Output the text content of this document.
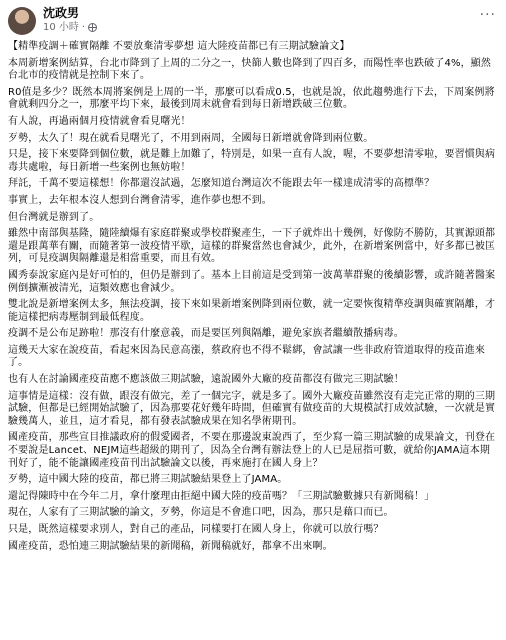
沈政男
10 小時 ·
···

【精準疫調＋確實隔離 不要放棄清零夢想 這大陸疫苗都已有三期試驗論文】

本周新增案例結算，台北市降到了上周的二分之一，快篩人數也降到了四百多，而陽性率也跌破了4%，顯然台北市的疫情就是控制下來了。

R0值是多少？既然本周將案例是上周的一半，那麼可以看成0.5，也就是說，依此趨勢進行下去，下周案例將會就剩四分之一，那麼平均下來，最後到周末就會看到每日新增跌破三位數。

有人說，再過兩個月疫情就會看見曙光！

歹勢，太久了！現在就看見曙光了，不用到兩周，全國每日新增就會降到兩位數。

只是，接下來要降到個位數，就是難上加難了，特別是，如果一直有人說，喔，不要夢想清零啦，要習慣與病毒共處啦，每日新增一些案例也無妨啦！

拜託，千萬不要這樣想！你都還沒試過，怎麼知道台灣這次不能跟去年一樣達成清零的高標準？

事實上，去年根本沒人想到台灣會清零，進作夢也想不到。

但台灣就是辦到了。

雖然中南部與基隆，隨陸續爆有家庭群聚或學校群聚產生，一下子就炸出十幾例，好像防不勝防，其實源頭都還是跟萬華有關，而隨著第一波疫情平歇，這樣的群聚當然也會減少，此外，在新增案例當中，好多都已被匡列，可見疫調與隔離還是相當重要，而且有效。

國秀泰說家庭內是好可怕的，但仍是辦到了。基本上目前這是受到第一波萬華群聚的後續影響，或許隨著醫案例倒擴漸被清光，這類效應也會減少。

雙北說是新增案例太多，無法疫調，接下來如果新增案例降到兩位數，就一定要恢復精準疫調與確實隔離，才能這樣把病毒壓制到最低程度。

疫調不是公布足跡啦！那沒有什麼意義，而是要匡列與隔離，避免家族者繼續散播病毒。

這幾天大家在說疫苗，看起來因為民意高漲，蔡政府也不得不鬆綁，會試讓一些非政府管道取得的疫苗進來了。

也有人在討論國產疫苗應不應該做三期試驗，遠說國外大廠的疫苗都沒有做完三期試驗！

這事情是這樣：沒有做，跟沒有做完，差了一個完字，就是多了。國外大廠疫苗雖然沒有走完正常的期的三期試驗，但都是已經開始試驗了，因為那要花好幾年時間，但確實有做疫苗的大規模試打成效試驗，一次就是實驗幾萬人，並且，這才看見，都有發表試驗成果在知名學術期刊。

國產疫苗，那些宣目推議政府的假愛國者，不要在那邊說東說西了，至少寫一篇三期試驗的成果論文，刊登在不要說是Lancet、NEJM這些超級的期刊了，因為全台灣有辦法登上的人已是屈指可數，就給你JAMA這本期刊好了，能不能讓國產疫苗刊出試驗論文以後，再來施打在國人身上？

歹勢，這中國大陸的疫苗，都已將三期試驗結果登上了JAMA。

還記得陳時中在今年二月，拿什麼理由拒絕中國大陸的疫苗嗎？「三期試驗數據只有新聞稿！」

現在，人家有了三期試驗的論文，歹勢，你這是不會進口吧，因為，那只是藉口而已。

只是，既然這樣要求別人，對自己的產品，同樣要打在國人身上，你就可以放行嗎？

國產疫苗，恐怕連三期試驗結果的新聞稿，新聞稿就好，都拿不出來啊。
